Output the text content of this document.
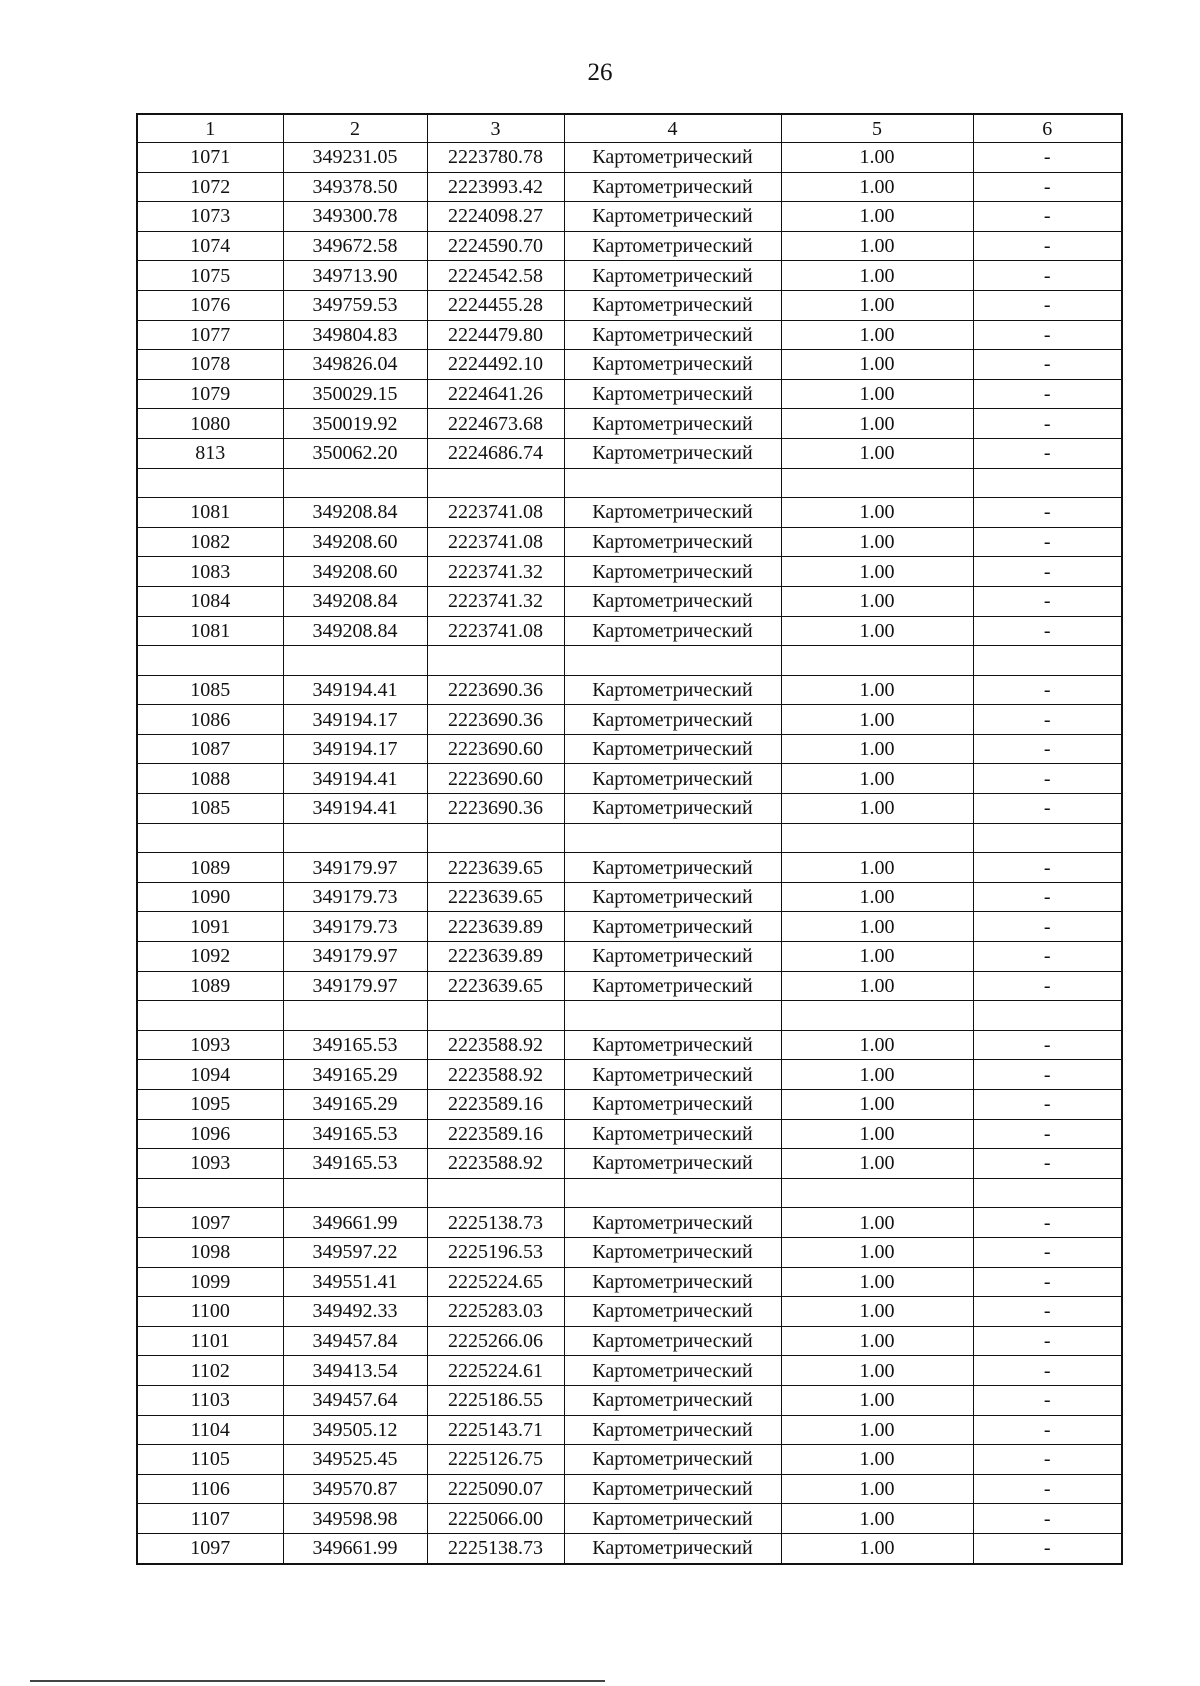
26
1	2	3	4	5	6
1071	349231.05	2223780.78	Картометрический	1.00	-
1072	349378.50	2223993.42	Картометрический	1.00	-
1073	349300.78	2224098.27	Картометрический	1.00	-
1074	349672.58	2224590.70	Картометрический	1.00	-
1075	349713.90	2224542.58	Картометрический	1.00	-
1076	349759.53	2224455.28	Картометрический	1.00	-
1077	349804.83	2224479.80	Картометрический	1.00	-
1078	349826.04	2224492.10	Картометрический	1.00	-
1079	350029.15	2224641.26	Картометрический	1.00	-
1080	350019.92	2224673.68	Картометрический	1.00	-
813	350062.20	2224686.74	Картометрический	1.00	-

1081	349208.84	2223741.08	Картометрический	1.00	-
1082	349208.60	2223741.08	Картометрический	1.00	-
1083	349208.60	2223741.32	Картометрический	1.00	-
1084	349208.84	2223741.32	Картометрический	1.00	-
1081	349208.84	2223741.08	Картометрический	1.00	-

1085	349194.41	2223690.36	Картометрический	1.00	-
1086	349194.17	2223690.36	Картометрический	1.00	-
1087	349194.17	2223690.60	Картометрический	1.00	-
1088	349194.41	2223690.60	Картометрический	1.00	-
1085	349194.41	2223690.36	Картометрический	1.00	-

1089	349179.97	2223639.65	Картометрический	1.00	-
1090	349179.73	2223639.65	Картометрический	1.00	-
1091	349179.73	2223639.89	Картометрический	1.00	-
1092	349179.97	2223639.89	Картометрический	1.00	-
1089	349179.97	2223639.65	Картометрический	1.00	-

1093	349165.53	2223588.92	Картометрический	1.00	-
1094	349165.29	2223588.92	Картометрический	1.00	-
1095	349165.29	2223589.16	Картометрический	1.00	-
1096	349165.53	2223589.16	Картометрический	1.00	-
1093	349165.53	2223588.92	Картометрический	1.00	-

1097	349661.99	2225138.73	Картометрический	1.00	-
1098	349597.22	2225196.53	Картометрический	1.00	-
1099	349551.41	2225224.65	Картометрический	1.00	-
1100	349492.33	2225283.03	Картометрический	1.00	-
1101	349457.84	2225266.06	Картометрический	1.00	-
1102	349413.54	2225224.61	Картометрический	1.00	-
1103	349457.64	2225186.55	Картометрический	1.00	-
1104	349505.12	2225143.71	Картометрический	1.00	-
1105	349525.45	2225126.75	Картометрический	1.00	-
1106	349570.87	2225090.07	Картометрический	1.00	-
1107	349598.98	2225066.00	Картометрический	1.00	-
1097	349661.99	2225138.73	Картометрический	1.00	-
